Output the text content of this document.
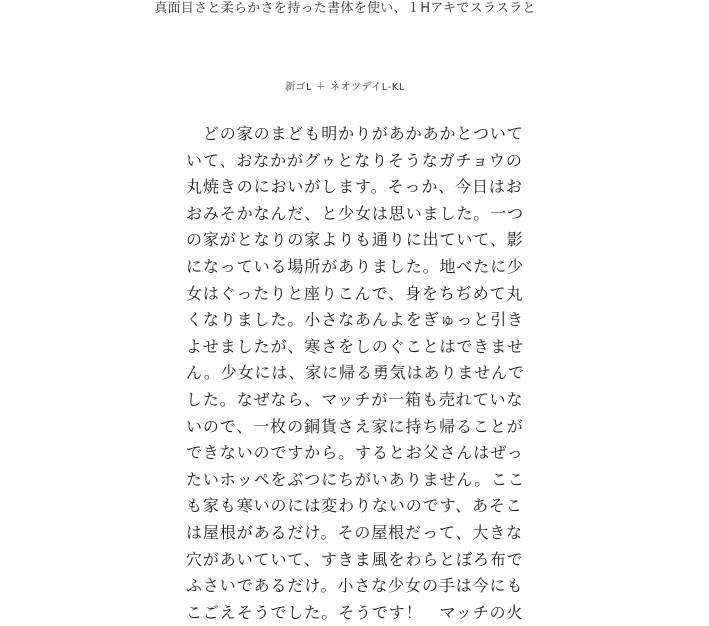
真面目さと柔らかさを持った書体を使い、１Hアキでスラスラと
新ゴL ＋ ネオツデイL-KL
　どの家のまども明かりがあかあかとついて
いて、おなかがグゥとなりそうなガチョウの
丸焼きのにおいがします。そっか、今日はお
おみそかなんだ、と少女は思いました。一つ
の家がとなりの家よりも通りに出ていて、影
になっている場所がありました。地べたに少
女はぐったりと座りこんで、身をちぢめて丸
くなりました。小さなあんよをぎゅっと引き
よせましたが、寒さをしのぐことはできませ
ん。少女には、家に帰る勇気はありませんで
した。なぜなら、マッチが一箱も売れていな
いので、一枚の銅貨さえ家に持ち帰ることが
できないのですから。するとお父さんはぜっ
たいホッペをぶつにちがいありません。ここ
も家も寒いのには変わりないのです、あそこ
は屋根があるだけ。その屋根だって、大きな
穴があいていて、すきま風をわらとぼろ布で
ふさいであるだけ。小さな少女の手は今にも
こごえそうでした。そうです！　マッチの火
